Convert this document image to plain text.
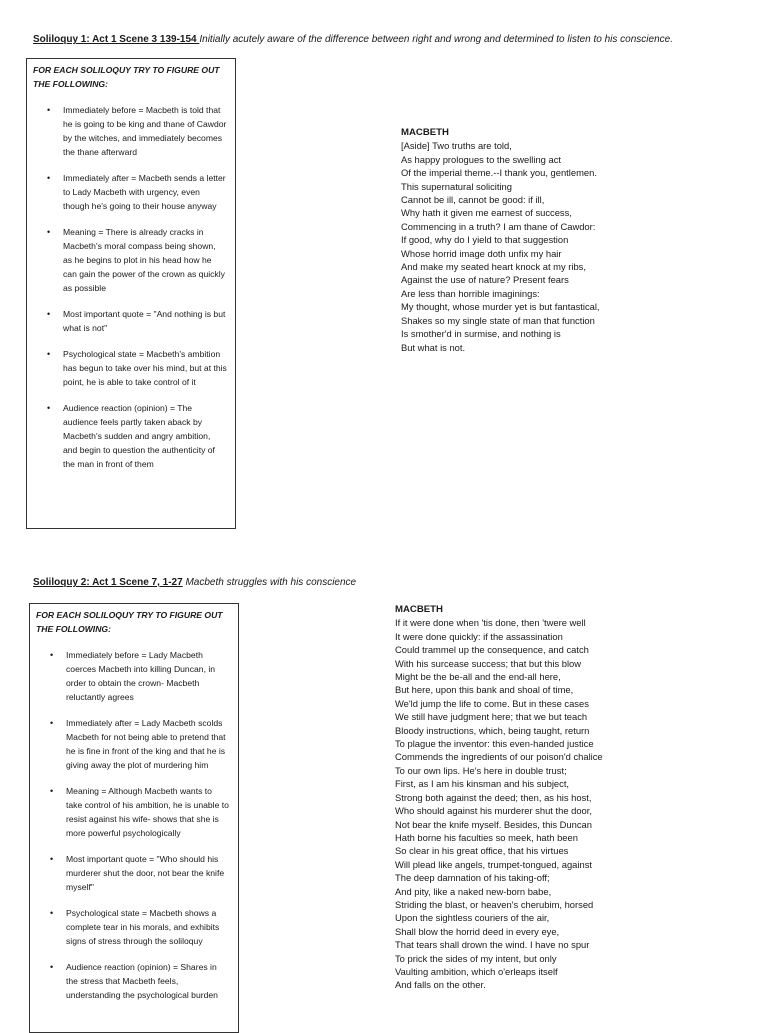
Soliloquy 1: Act 1 Scene 3 139-154 Initially acutely aware of the difference between right and wrong and determined to listen to his conscience.

FOR EACH SOLILOQUY TRY TO FIGURE OUT THE FOLLOWING:

• Immediately before = Macbeth is told that he is going to be king and thane of Cawdor by the witches, and immediately becomes the thane afterward
• Immediately after = Macbeth sends a letter to Lady Macbeth with urgency, even though he's going to their house anyway
• Meaning = There is already cracks in Macbeth's moral compass being shown, as he begins to plot in his head how he can gain the power of the crown as quickly as possible
• Most important quote = "And nothing is but what is not"
• Psychological state = Macbeth's ambition has begun to take over his mind, but at this point, he is able to take control of it
• Audience reaction (opinion) = The audience feels partly taken aback by Macbeth's sudden and angry ambition, and begin to question the authenticity of the man in front of them
MACBETH
[Aside] Two truths are told,
As happy prologues to the swelling act
Of the imperial theme.--I thank you, gentlemen.
This supernatural soliciting
Cannot be ill, cannot be good: if ill,
Why hath it given me earnest of success,
Commencing in a truth? I am thane of Cawdor:
If good, why do I yield to that suggestion
Whose horrid image doth unfix my hair
And make my seated heart knock at my ribs,
Against the use of nature? Present fears
Are less than horrible imaginings:
My thought, whose murder yet is but fantastical,
Shakes so my single state of man that function
Is smother'd in surmise, and nothing is
But what is not.
Soliloquy 2: Act 1 Scene 7, 1-27 Macbeth struggles with his conscience

FOR EACH SOLILOQUY TRY TO FIGURE OUT THE FOLLOWING:

• Immediately before = Lady Macbeth coerces Macbeth into killing Duncan, in order to obtain the crown- Macbeth reluctantly agrees
• Immediately after = Lady Macbeth scolds Macbeth for not being able to pretend that he is fine in front of the king and that he is giving away the plot of murdering him
• Meaning = Although Macbeth wants to take control of his ambition, he is unable to resist against his wife- shows that she is more powerful psychologically
• Most important quote = "Who should his murderer shut the door, not bear the knife myself"
• Psychological state = Macbeth shows a complete tear in his morals, and exhibits signs of stress through the soliloquy
• Audience reaction (opinion) = Shares in the stress that Macbeth feels, understanding the psychological burden
MACBETH
If it were done when 'tis done, then 'twere well
It were done quickly: if the assassination
Could trammel up the consequence, and catch
With his surcease success; that but this blow
Might be the be-all and the end-all here,
But here, upon this bank and shoal of time,
We'ld jump the life to come. But in these cases
We still have judgment here; that we but teach
Bloody instructions, which, being taught, return
To plague the inventor: this even-handed justice
Commends the ingredients of our poison'd chalice
To our own lips. He's here in double trust;
First, as I am his kinsman and his subject,
Strong both against the deed; then, as his host,
Who should against his murderer shut the door,
Not bear the knife myself. Besides, this Duncan
Hath borne his faculties so meek, hath been
So clear in his great office, that his virtues
Will plead like angels, trumpet-tongued, against
The deep damnation of his taking-off;
And pity, like a naked new-born babe,
Striding the blast, or heaven's cherubim, horsed
Upon the sightless couriers of the air,
Shall blow the horrid deed in every eye,
That tears shall drown the wind. I have no spur
To prick the sides of my intent, but only
Vaulting ambition, which o'erleaps itself
And falls on the other.
